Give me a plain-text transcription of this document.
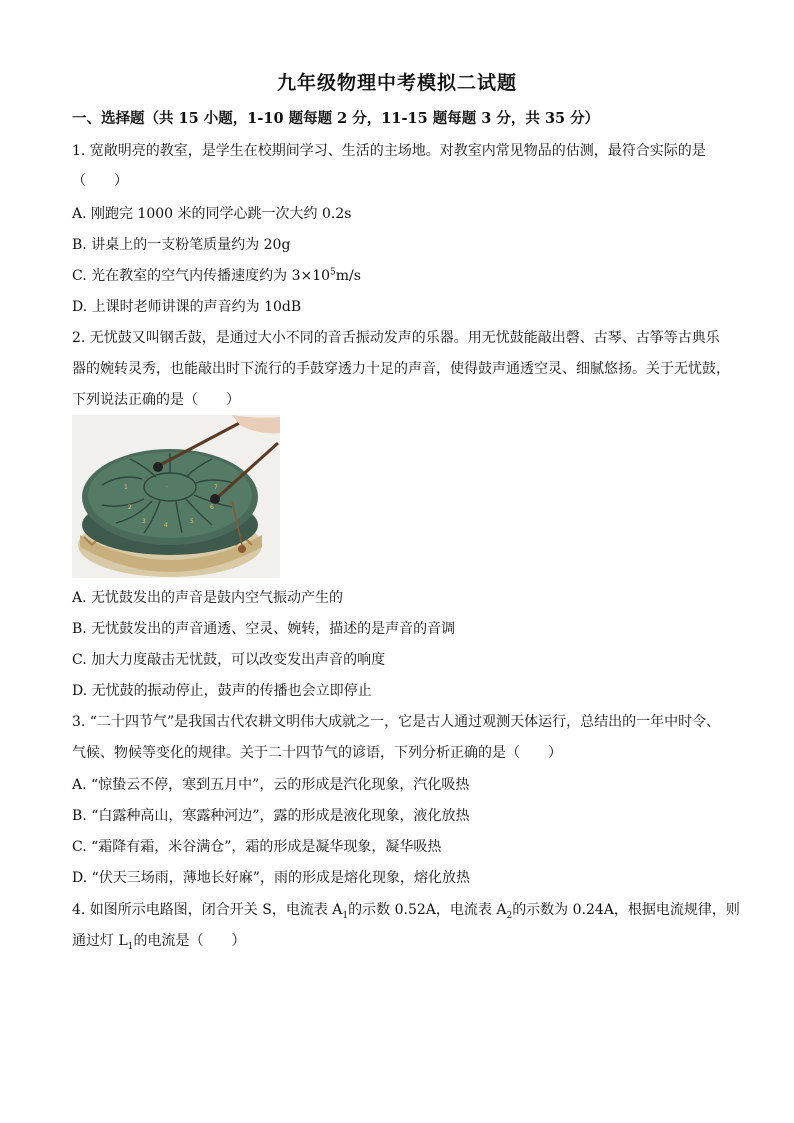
九年级物理中考模拟二试题
一、选择题（共 15 小题，1-10 题每题 2 分，11-15 题每题 3 分，共 35 分）
1. 宽敞明亮的教室，是学生在校期间学习、生活的主场地。对教室内常见物品的估测，最符合实际的是
（　　）
A. 刚跑完 1000 米的同学心跳一次大约 0.2s
B. 讲桌上的一支粉笔质量约为 20g
C. 光在教室的空气内传播速度约为 $3\times 10^5m/s$
D. 上课时老师讲课的声音约为 10dB
2. 无忧鼓又叫钢舌鼓，是通过大小不同的音舌振动发声的乐器。用无忧鼓能敲出磬、古琴、古筝等古典乐
器的婉转灵秀，也能敲出时下流行的手鼓穿透力十足的声音，使得鼓声通透空灵、细腻悠扬。关于无忧鼓，
下列说法正确的是（　　）
1
2
3
4
5
6
7
·
A. 无忧鼓发出的声音是鼓内空气振动产生的
B. 无忧鼓发出的声音通透、空灵、婉转，描述的是声音的音调
C. 加大力度敲击无忧鼓，可以改变发出声音的响度
D. 无忧鼓的振动停止，鼓声的传播也会立即停止
3. “二十四节气”是我国古代农耕文明伟大成就之一，它是古人通过观测天体运行，总结出的一年中时令、
气候、物候等变化的规律。关于二十四节气的谚语，下列分析正确的是（　　）
A. “惊蛰云不停，寒到五月中”，云的形成是汽化现象，汽化吸热
B. “白露种高山，寒露种河边”，露的形成是液化现象，液化放热
C. “霜降有霜，米谷满仓”，霜的形成是凝华现象，凝华吸热
D. “伏天三场雨，薄地长好麻”，雨的形成是熔化现象，熔化放热
4. 如图所示电路图，闭合开关 S，电流表 $A_1$的示数 0.52A，电流表 $A_2$的示数为 0.24A，根据电流规律，则
通过灯 $L_1$的电流是（　　）
